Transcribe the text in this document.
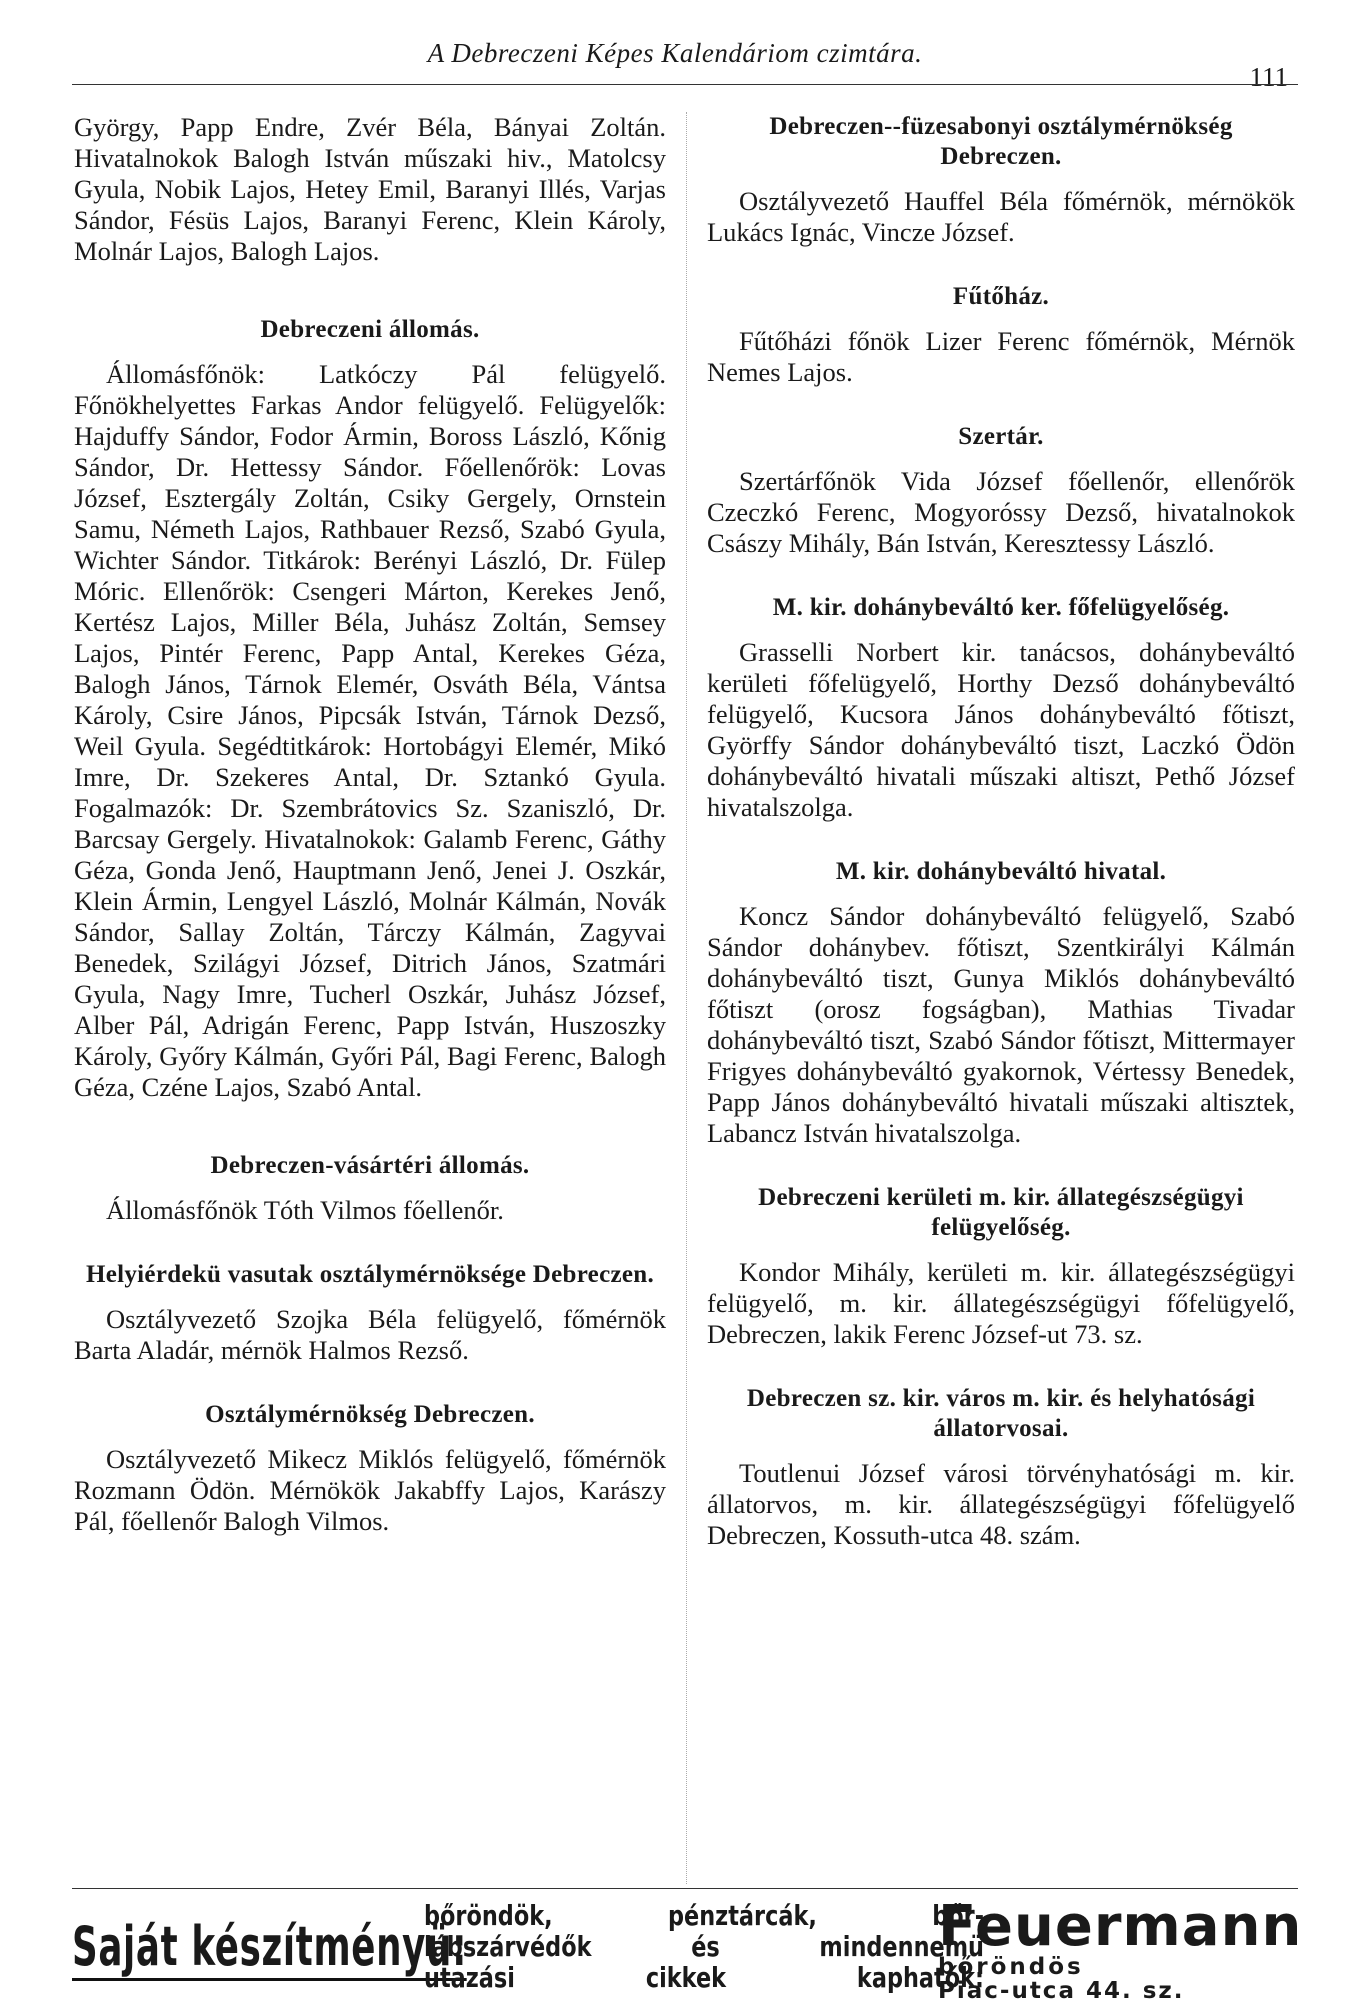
A Debreczeni Képes Kalendáriom czimtára.
111

György, Papp Endre, Zvér Béla, Bányai Zoltán. Hivatalnokok Balogh István műszaki hiv., Matolcsy Gyula, Nobik Lajos, Hetey Emil, Baranyi Illés, Varjas Sándor, Fésüs Lajos, Baranyi Ferenc, Klein Károly, Molnár Lajos, Balogh Lajos.

Debreczeni állomás.

Állomásfőnök: Latkóczy Pál felügyelő. Főnökhelyettes Farkas Andor felügyelő. Felügyelők: Hajduffy Sándor, Fodor Ármin, Boross László, Kőnig Sándor, Dr. Hettessy Sándor. Főellenőrök: Lovas József, Esztergály Zoltán, Csiky Gergely, Ornstein Samu, Németh Lajos, Rathbauer Rezső, Szabó Gyula, Wichter Sándor. Titkárok: Berényi László, Dr. Fülep Móric. Ellenőrök: Csengeri Márton, Kerekes Jenő, Kertész Lajos, Miller Béla, Juhász Zoltán, Semsey Lajos, Pintér Ferenc, Papp Antal, Kerekes Géza, Balogh János, Tárnok Elemér, Osváth Béla, Vántsa Károly, Csire János, Pipcsák István, Tárnok Dezső, Weil Gyula. Segédtitkárok: Hortobágyi Elemér, Mikó Imre, Dr. Szekeres Antal, Dr. Sztankó Gyula. Fogalmazók: Dr. Szembrátovics Sz. Szaniszló, Dr. Barcsay Gergely. Hivatalnokok: Galamb Ferenc, Gáthy Géza, Gonda Jenő, Hauptmann Jenő, Jenei J. Oszkár, Klein Ármin, Lengyel László, Molnár Kálmán, Novák Sándor, Sallay Zoltán, Tárczy Kálmán, Zagyvai Benedek, Szilágyi József, Ditrich János, Szatmári Gyula, Nagy Imre, Tucherl Oszkár, Juhász József, Alber Pál, Adrigán Ferenc, Papp István, Huszoszky Károly, Győry Kálmán, Győri Pál, Bagi Ferenc, Balogh Géza, Czéne Lajos, Szabó Antal.

Debreczen-vásártéri állomás.

Állomásfőnök Tóth Vilmos főellenőr.

Helyiérdekü vasutak osztálymérnöksége Debreczen.

Osztályvezető Szojka Béla felügyelő, főmérnök Barta Aladár, mérnök Halmos Rezső.

Osztálymérnökség Debreczen.

Osztályvezető Mikecz Miklós felügyelő, főmérnök Rozmann Ödön. Mérnökök Jakabffy Lajos, Karászy Pál, főellenőr Balogh Vilmos.

Debreczen--füzesabonyi osztálymérnökség Debreczen.

Osztályvezető Hauffel Béla főmérnök, mérnökök Lukács Ignác, Vincze József.

Fűtőház.

Fűtőházi főnök Lizer Ferenc főmérnök, Mérnök Nemes Lajos.

Szertár.

Szertárfőnök Vida József főellenőr, ellenőrök Czeczkó Ferenc, Mogyoróssy Dezső, hivatalnokok Császy Mihály, Bán István, Keresztessy László.

M. kir. dohánybeváltó ker. főfelügyelőség.

Grasselli Norbert kir. tanácsos, dohánybeváltó kerületi főfelügyelő, Horthy Dezső dohánybeváltó felügyelő, Kucsora János dohánybeváltó főtiszt, Györffy Sándor dohánybeváltó tiszt, Laczkó Ödön dohánybeváltó hivatali műszaki altiszt, Pethő József hivatalszolga.

M. kir. dohánybeváltó hivatal.

Koncz Sándor dohánybeváltó felügyelő, Szabó Sándor dohánybev. főtiszt, Szentkirályi Kálmán dohánybeváltó tiszt, Gunya Miklós dohánybeváltó főtiszt (orosz fogságban), Mathias Tivadar dohánybeváltó tiszt, Szabó Sándor főtiszt, Mittermayer Frigyes dohánybeváltó gyakornok, Vértessy Benedek, Papp János dohánybeváltó hivatali műszaki altisztek, Labancz István hivatalszolga.

Debreczeni kerületi m. kir. állategészségügyi felügyelőség.

Kondor Mihály, kerületi m. kir. állategészségügyi felügyelő, m. kir. állategészségügyi főfelügyelő, Debreczen, lakik Ferenc József-ut 73. sz.

Debreczen sz. kir. város m. kir. és helyhatósági állatorvosai.

Toutlenui József városi törvényhatósági m. kir. állatorvos, m. kir. állategészségügyi főfelügyelő Debreczen, Kossuth-utca 48. szám.

Saját készítményü:
bőröndök, pénztárcák, bőr-
lábszárvédők és mindennemü
utazási cikkek kaphatók:
Feuermann
bőröndös
Piac-utca 44. sz.
